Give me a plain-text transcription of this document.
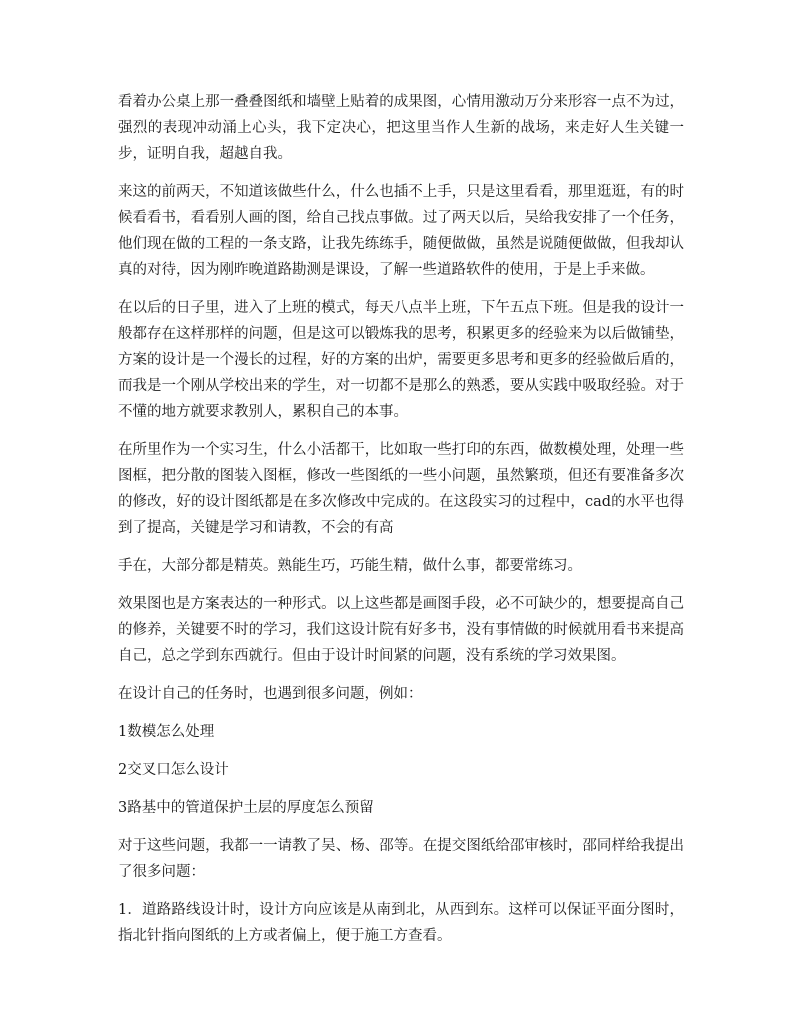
看着办公桌上那一叠叠图纸和墙壁上贴着的成果图，心情用激动万分来形容一点不为过，强烈的表现冲动涌上心头，我下定决心，把这里当作人生新的战场，来走好人生关键一步，证明自我，超越自我。

来这的前两天，不知道该做些什么，什么也插不上手，只是这里看看，那里逛逛，有的时候看看书，看看别人画的图，给自己找点事做。过了两天以后，吴给我安排了一个任务，他们现在做的工程的一条支路，让我先练练手，随便做做，虽然是说随便做做，但我却认真的对待，因为刚昨晚道路勘测是课设，了解一些道路软件的使用，于是上手来做。

在以后的日子里，进入了上班的模式，每天八点半上班，下午五点下班。但是我的设计一般都存在这样那样的问题，但是这可以锻炼我的思考，积累更多的经验来为以后做铺垫，方案的设计是一个漫长的过程，好的方案的出炉，需要更多思考和更多的经验做后盾的，而我是一个刚从学校出来的学生，对一切都不是那么的熟悉，要从实践中吸取经验。对于不懂的地方就要求教别人，累积自己的本事。

在所里作为一个实习生，什么小活都干，比如取一些打印的东西，做数模处理，处理一些图框，把分散的图装入图框，修改一些图纸的一些小问题，虽然繁琐，但还有要准备多次的修改，好的设计图纸都是在多次修改中完成的。在这段实习的过程中，cad的水平也得到了提高，关键是学习和请教，不会的有高

手在，大部分都是精英。熟能生巧，巧能生精，做什么事，都要常练习。

效果图也是方案表达的一种形式。以上这些都是画图手段，必不可缺少的，想要提高自己的修养，关键要不时的学习，我们这设计院有好多书，没有事情做的时候就用看书来提高自己，总之学到东西就行。但由于设计时间紧的问题，没有系统的学习效果图。

在设计自己的任务时，也遇到很多问题，例如：

1数模怎么处理

2交叉口怎么设计

3路基中的管道保护土层的厚度怎么预留

对于这些问题，我都一一请教了吴、杨、邵等。在提交图纸给邵审核时，邵同样给我提出了很多问题：

1．道路路线设计时，设计方向应该是从南到北，从西到东。这样可以保证平面分图时，指北针指向图纸的上方或者偏上，便于施工方查看。
